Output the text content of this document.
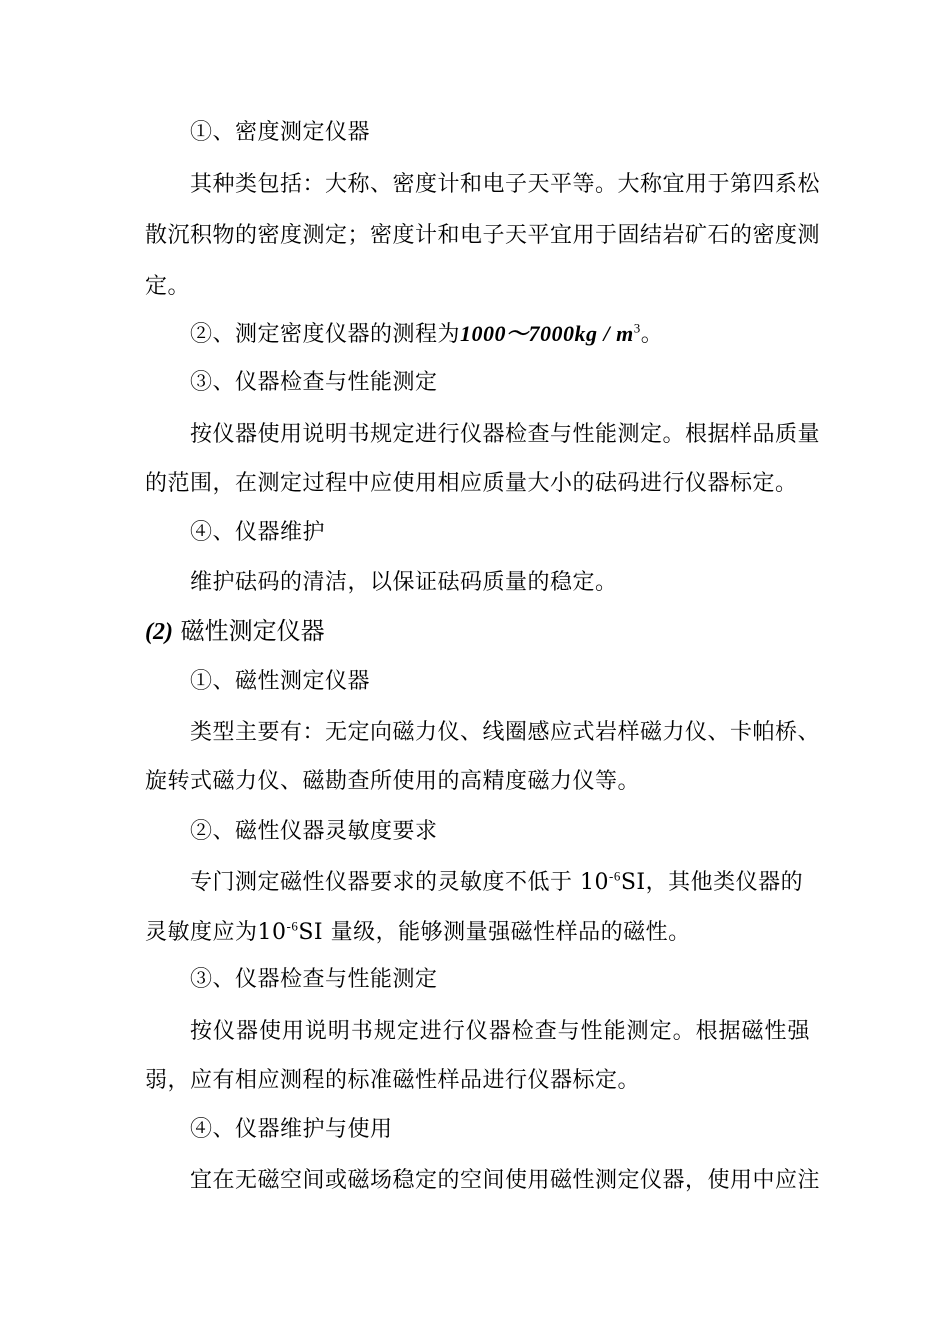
①、密度测定仪器
其种类包括：大称、密度计和电子天平等。大称宜用于第四系松
散沉积物的密度测定；密度计和电子天平宜用于固结岩矿石的密度测
定。
②、测定密度仪器的测程为1000～7000kg / $m^3$。
③、仪器检查与性能测定
按仪器使用说明书规定进行仪器检查与性能测定。根据样品质量
的范围，在测定过程中应使用相应质量大小的砝码进行仪器标定。
④、仪器维护
维护砝码的清洁，以保证砝码质量的稳定。
(2) 磁性测定仪器
①、磁性测定仪器
类型主要有：无定向磁力仪、线圈感应式岩样磁力仪、卡帕桥、
旋转式磁力仪、磁勘查所使用的高精度磁力仪等。
②、磁性仪器灵敏度要求
专门测定磁性仪器要求的灵敏度不低于 $10^{-6}SI$，其他类仪器的
灵敏度应为$10^{-6}SI$ 量级，能够测量强磁性样品的磁性。
③、仪器检查与性能测定
按仪器使用说明书规定进行仪器检查与性能测定。根据磁性强
弱，应有相应测程的标准磁性样品进行仪器标定。
④、仪器维护与使用
宜在无磁空间或磁场稳定的空间使用磁性测定仪器，使用中应注
